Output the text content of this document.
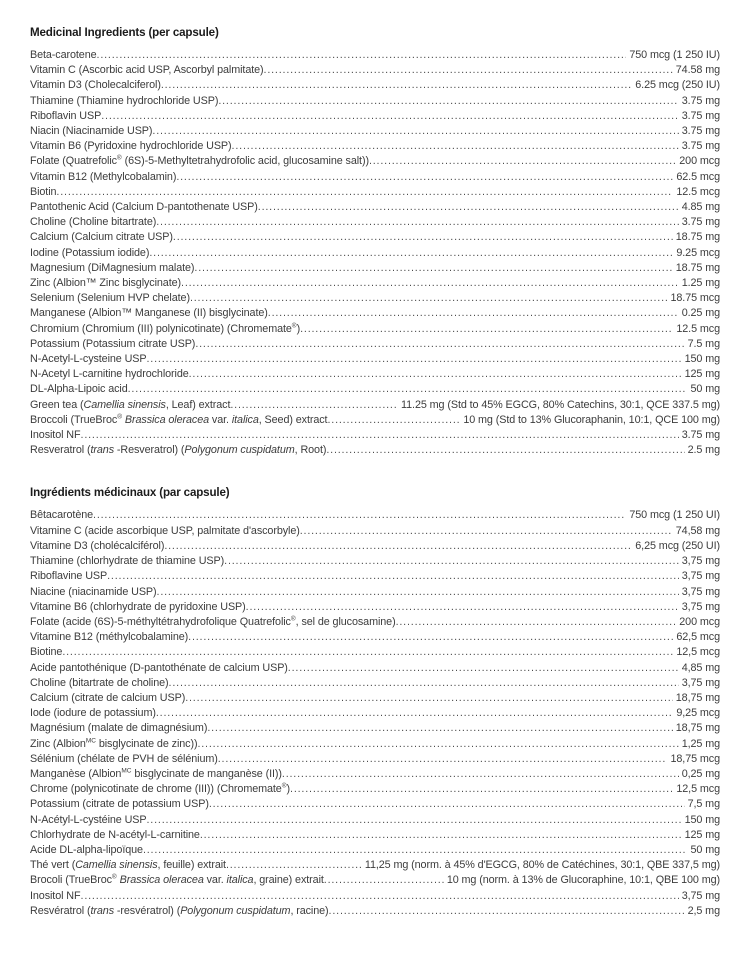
Medicinal Ingredients (per capsule)
Beta-carotene .....	750 mcg (1 250 IU)
Vitamin C (Ascorbic acid USP, Ascorbyl palmitate) .....	74.58 mg
Vitamin D3 (Cholecalciferol) .....	6.25 mcg (250 IU)
Thiamine (Thiamine hydrochloride USP) .....	3.75 mg
Riboflavin USP .....	3.75 mg
Niacin (Niacinamide USP) .....	3.75 mg
Vitamin B6 (Pyridoxine hydrochloride USP) .....	3.75 mg
Folate (Quatrefolic® (6S)-5-Methyltetrahydrofolic acid, glucosamine salt)) .....	200 mcg
Vitamin B12 (Methylcobalamin) .....	62.5 mcg
Biotin .....	12.5 mcg
Pantothenic Acid (Calcium D-pantothenate USP) .....	4.85 mg
Choline (Choline bitartrate) .....	3.75 mg
Calcium (Calcium citrate USP) .....	18.75 mg
Iodine (Potassium iodide) .....	9.25 mcg
Magnesium (DiMagnesium malate) .....	18.75 mg
Zinc (Albion™ Zinc bisglycinate) .....	1.25 mg
Selenium (Selenium HVP chelate) .....	18.75 mcg
Manganese (Albion™ Manganese (II) bisglycinate) .....	0.25 mg
Chromium (Chromium (III) polynicotinate) (Chromemate®) .....	12.5 mcg
Potassium (Potassium citrate USP) .....	7.5 mg
N-Acetyl-L-cysteine USP .....	150 mg
N-Acetyl L-carnitine hydrochloride .....	125 mg
DL-Alpha-Lipoic acid .....	50 mg
Green tea (Camellia sinensis, Leaf) extract .....	11.25 mg (Std to 45% EGCG, 80% Catechins, 30:1, QCE 337.5 mg)
Broccoli (TrueBroc® Brassica oleracea var. italica, Seed) extract .....	10 mg (Std to 13% Glucoraphanin, 10:1, QCE 100 mg)
Inositol NF .....	3.75 mg
Resveratrol (trans -Resveratrol) (Polygonum cuspidatum, Root) .....	2.5 mg
Ingrédients médicinaux (par capsule)
Bêtacarotène .....	750 mcg (1 250 UI)
Vitamine C (acide ascorbique USP, palmitate d'ascorbyle) .....	74,58 mg
Vitamine D3 (cholécalciférol) .....	6,25 mcg (250 UI)
Thiamine (chlorhydrate de thiamine USP) .....	3,75 mg
Riboflavine USP .....	3,75 mg
Niacine (niacinamide USP) .....	3,75 mg
Vitamine B6 (chlorhydrate de pyridoxine USP) .....	3,75 mg
Folate (acide (6S)-5-méthyltétrahydrofolique Quatrefolic®, sel de glucosamine) .....	200 mcg
Vitamine B12 (méthylcobalamine) .....	62,5 mcg
Biotine .....	12,5 mcg
Acide pantothénique (D-pantothénate de calcium USP) .....	4,85 mg
Choline (bitartrate de choline) .....	3,75 mg
Calcium (citrate de calcium USP) .....	18,75 mg
Iode (iodure de potassium) .....	9,25 mcg
Magnésium (malate de dimagnésium) .....	18,75 mg
Zinc (Albion$^{MC}$ bisglycinate de zinc)) .....	1,25 mg
Sélénium (chélate de PVH de sélénium) .....	18,75 mcg
Manganèse (Albion$^{MC}$ bisglycinate de manganèse (II)) .....	0,25 mg
Chrome (polynicotinate de chrome (III)) (Chromemate®) .....	12,5 mcg
Potassium (citrate de potassium USP) .....	7,5 mg
N-Acétyl-L-cystéine USP .....	150 mg
Chlorhydrate de N-acétyl-L-carnitine .....	125 mg
Acide DL-alpha-lipoïque .....	50 mg
Thé vert (Camellia sinensis, feuille) extrait .....	11,25 mg (norm. à 45% d'EGCG, 80% de Catéchines, 30:1, QBE 337,5 mg)
Brocoli (TrueBroc® Brassica oleracea var. italica, graine) extrait .....	10 mg (norm. à 13% de Glucoraphine, 10:1, QBE 100 mg)
Inositol NF .....	3,75 mg
Resvératrol (trans -resvératrol) (Polygonum cuspidatum, racine) .....	2,5 mg
